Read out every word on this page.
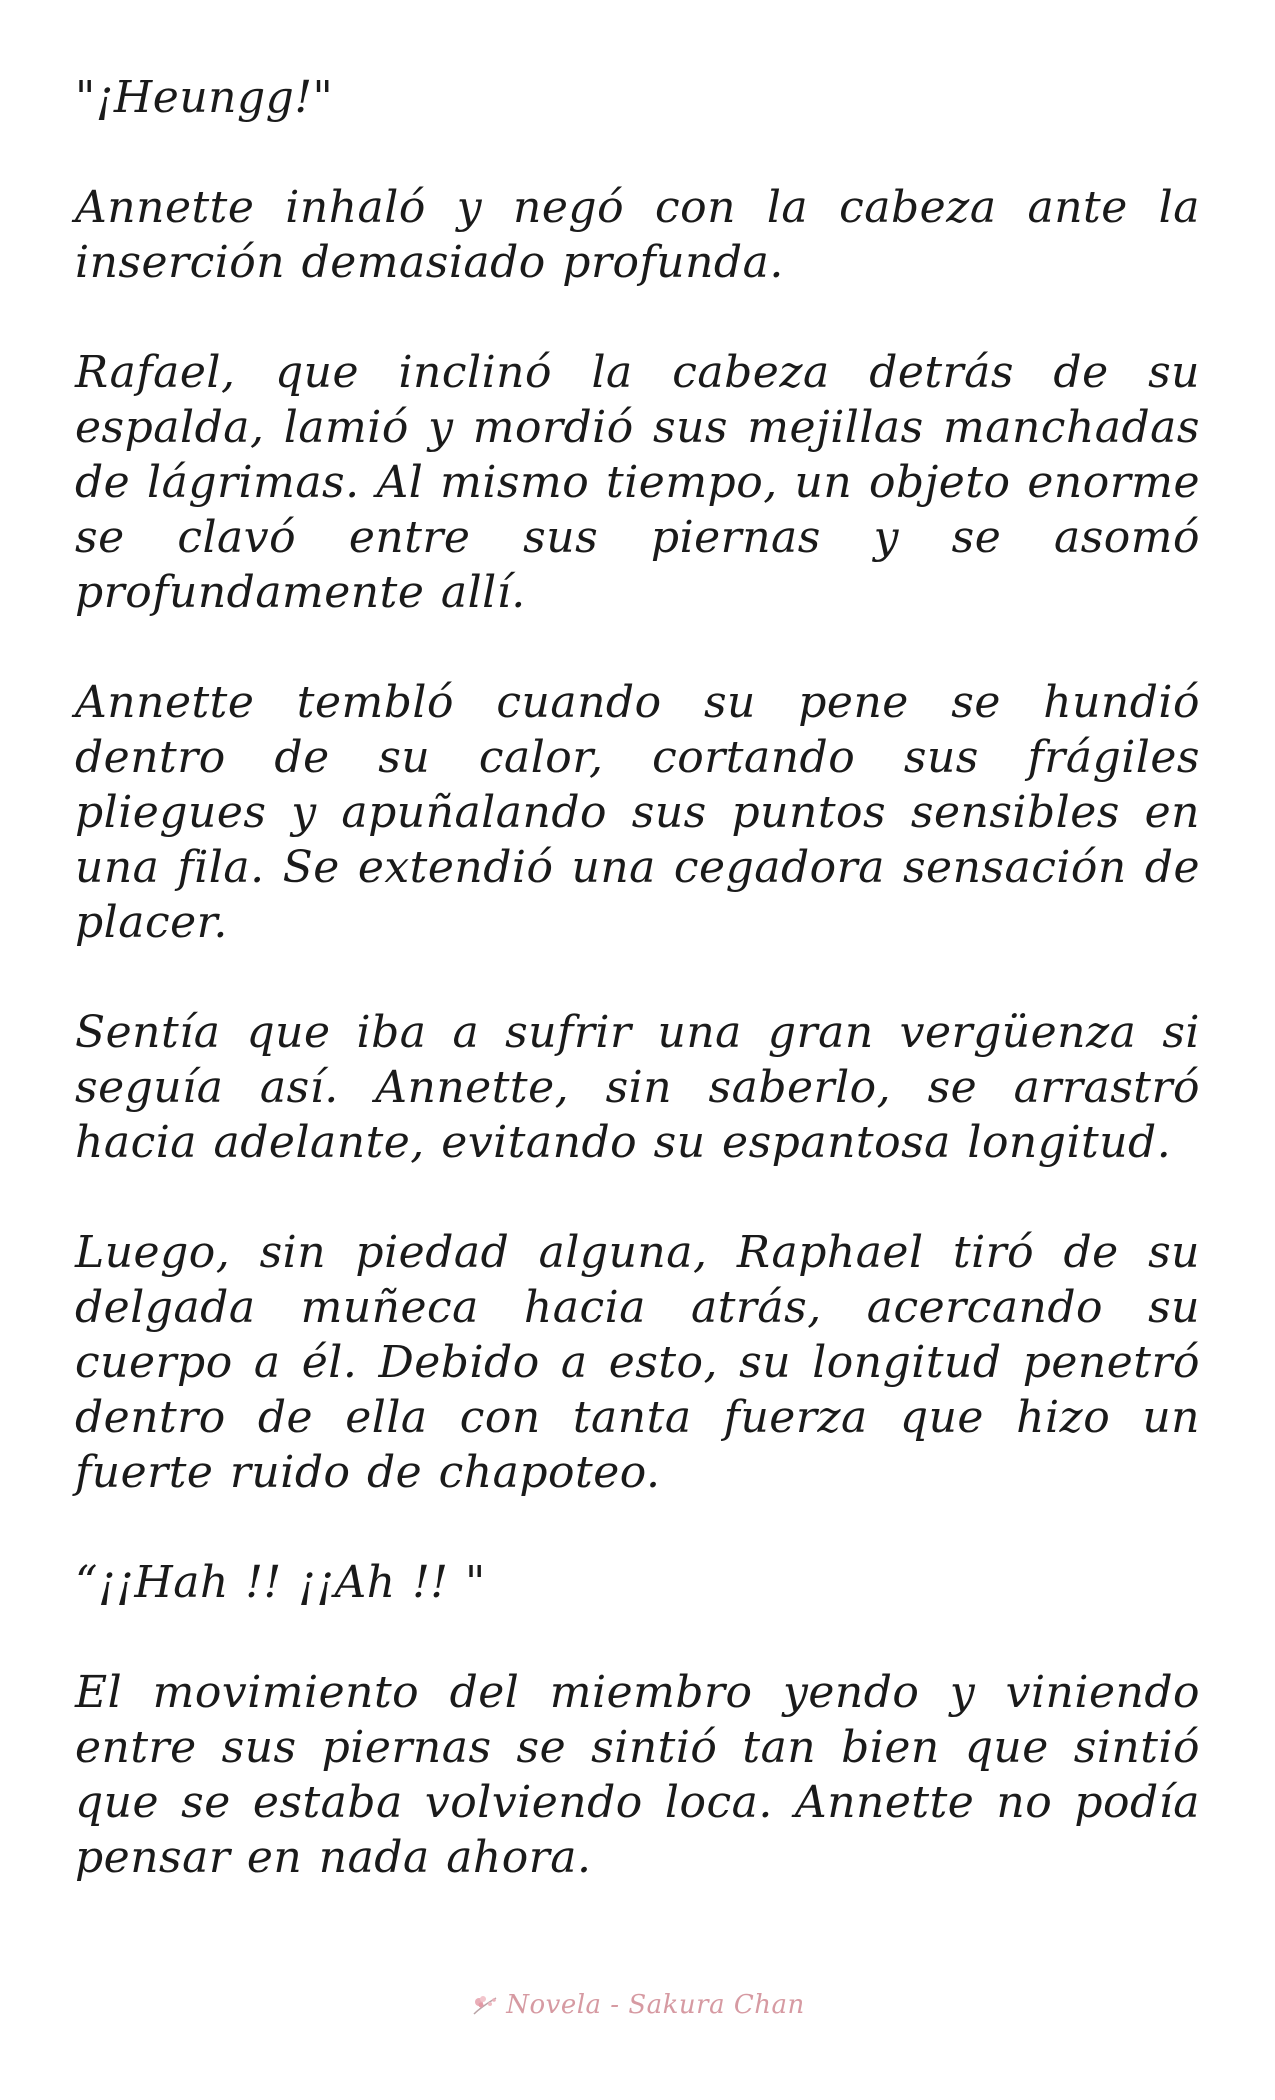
"¡Heungg!"

Annette inhaló y negó con la cabeza ante la inserción demasiado profunda.

Rafael, que inclinó la cabeza detrás de su espalda, lamió y mordió sus mejillas manchadas de lágrimas. Al mismo tiempo, un objeto enorme se clavó entre sus piernas y se asomó profundamente allí.

Annette tembló cuando su pene se hundió dentro de su calor, cortando sus frágiles pliegues y apuñalando sus puntos sensibles en una fila. Se extendió una cegadora sensación de placer.

Sentía que iba a sufrir una gran vergüenza si seguía así. Annette, sin saberlo, se arrastró hacia adelante, evitando su espantosa longitud.

Luego, sin piedad alguna, Raphael tiró de su delgada muñeca hacia atrás, acercando su cuerpo a él. Debido a esto, su longitud penetró dentro de ella con tanta fuerza que hizo un fuerte ruido de chapoteo.

“¡¡Hah !! ¡¡Ah !! "

El movimiento del miembro yendo y viniendo entre sus piernas se sintió tan bien que sintió que se estaba volviendo loca. Annette no podía pensar en nada ahora.

Novela - Sakura Chan
